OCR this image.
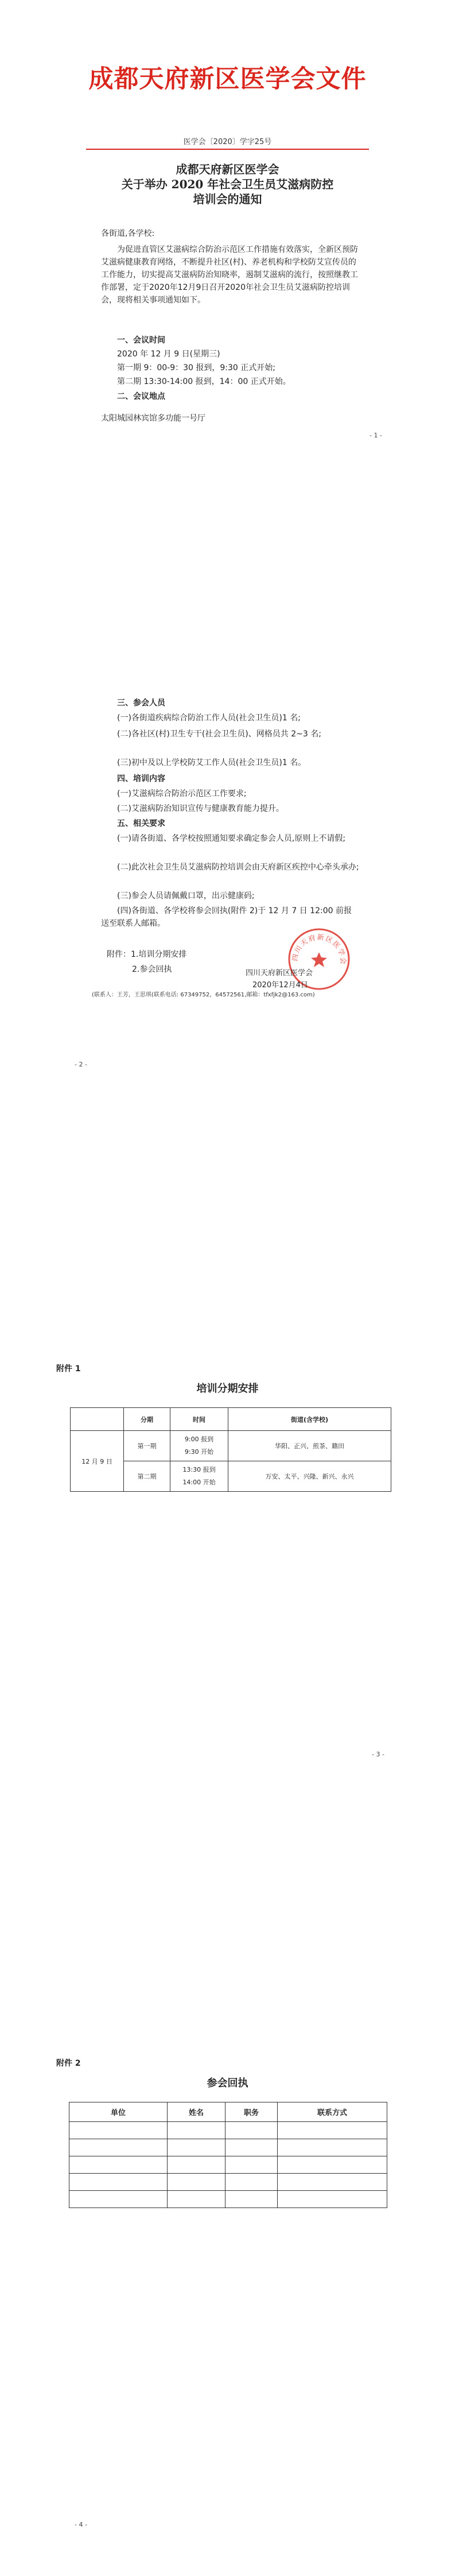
成都天府新区医学会文件
医学会〔2020〕学字25号
成都天府新区医学会
关于举办 2020 年社会卫生员艾滋病防控
培训会的通知
各街道,各学校:
为促进直管区艾滋病综合防治示范区工作措施有效落实，全新区预防艾滋病健康教育网络，不断提升社区(村)、养老机构和学校防艾宣传员的工作能力，切实提高艾滋病防治知晓率，遏制艾滋病的流行，按照继教工作部署，定于2020年12月9日召开2020年社会卫生员艾滋病防控培训会，现将相关事项通知如下。
一、会议时间
2020 年 12 月 9 日(星期三)
第一期 9：00-9：30 报到，9:30 正式开始;
第二期 13:30-14:00 报到，14：00 正式开始。
二、会议地点
太阳城园林宾馆多功能一号厅
- 1 -
三、参会人员
(一)各街道疾病综合防治工作人员(社会卫生员)1 名;
(二)各社区(村)卫生专干(社会卫生员)、网格员共 2~3 名;
(三)初中及以上学校防艾工作人员(社会卫生员)1 名。
四、培训内容
(一)艾滋病综合防治示范区工作要求;
(二)艾滋病防治知识宣传与健康教育能力提升。
五、相关要求
(一)请各街道、各学校按照通知要求确定参会人员,原则上不请假;
(二)此次社会卫生员艾滋病防控培训会由天府新区疾控中心牵头承办;
(三)参会人员请佩戴口罩，出示健康码;
(四)各街道、各学校将参会回执(附件 2)于 12 月 7 日 12:00 前报送至联系人邮箱。
附件：1.培训分期安排
2.参会回执
四川天府新区医学会
四川天府新区医学会
2020年12月4日
(联系人：王芳，王思琪(联系电话: 67349752，64572561,邮箱：tfxfjk2@163.com)
- 2 -
附件 1
培训分期安排
	分期	时间	街道(含学校)
12 月 9 日	第一期	9:00 报到
9:30 开始	华阳、正兴、煎茶、籍田
	第二期	13:30 报到
14:00 开始	万安、太平、兴隆、新兴、永兴
- 3 -
附件 2
参会回执
单位	姓名	职务	联系方式

- 4 -
